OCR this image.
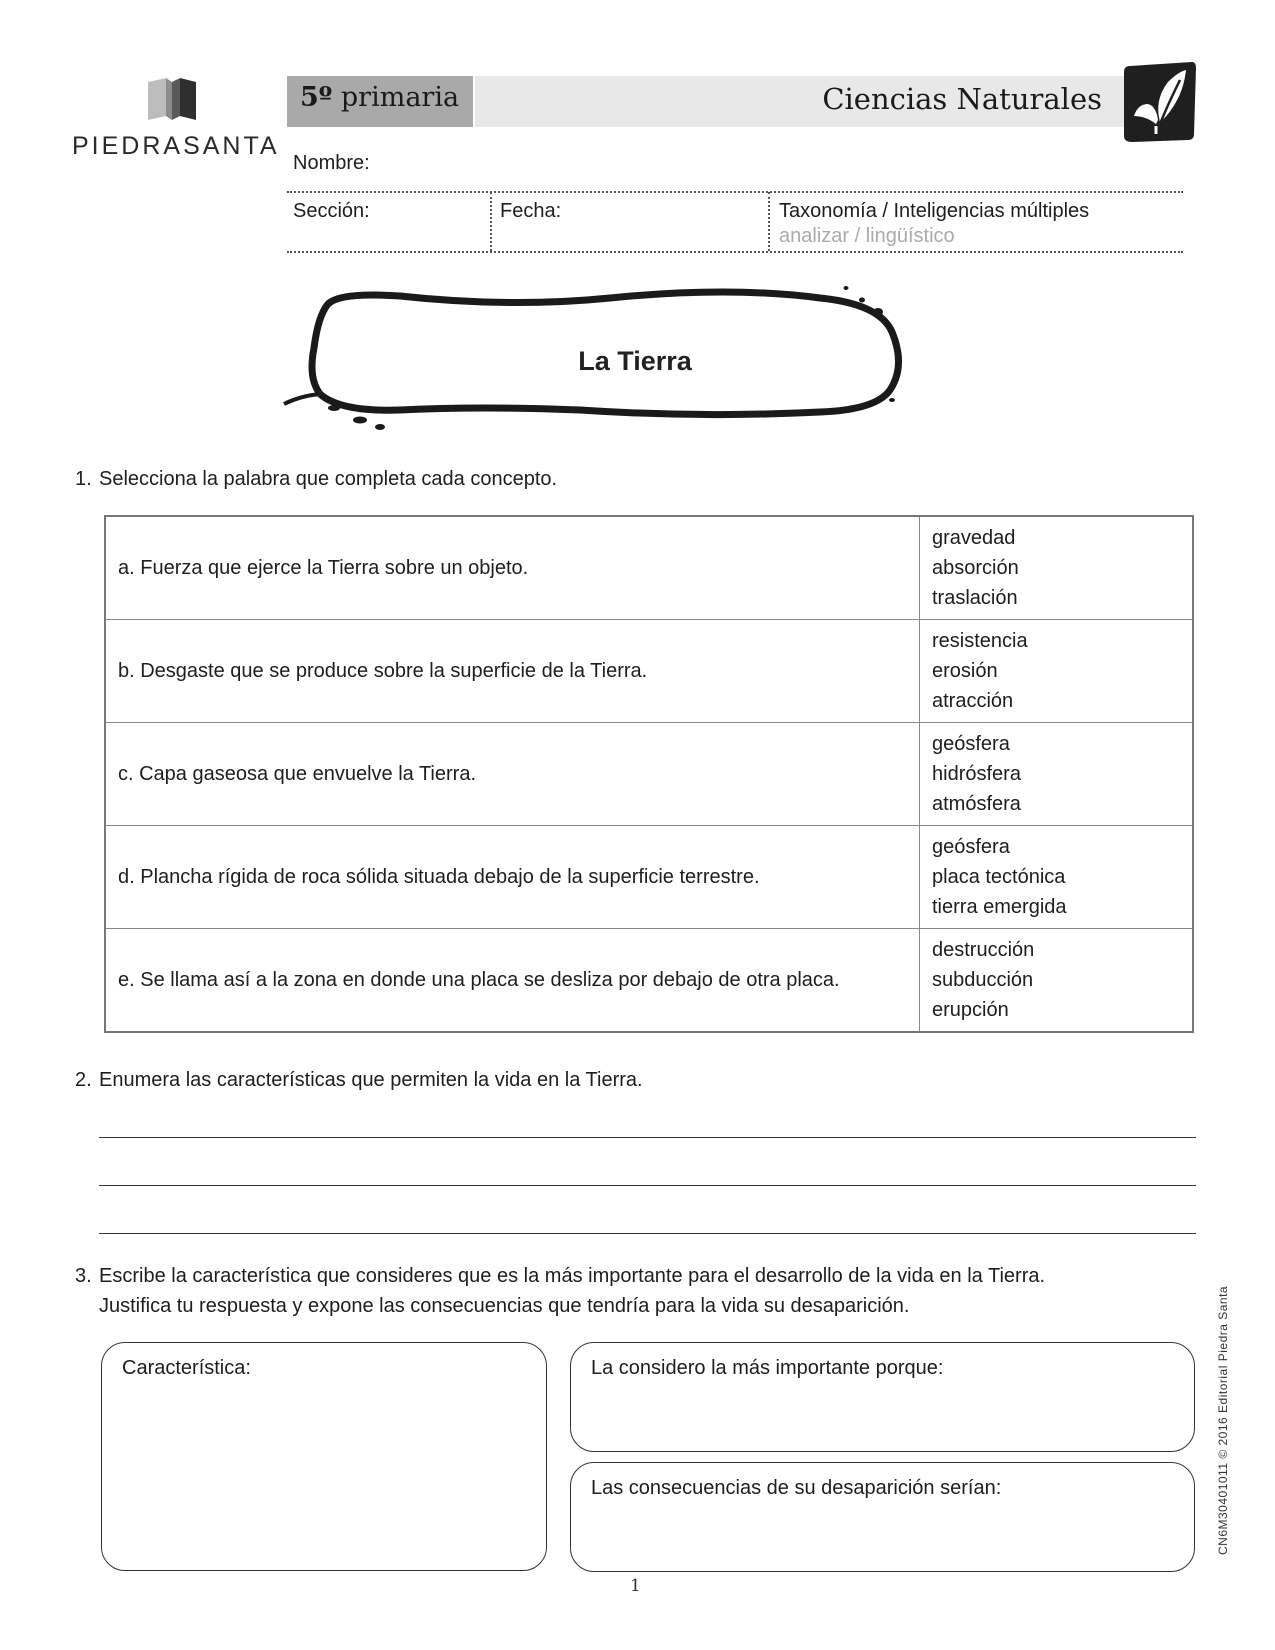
PIEDRASANTA
5º primaria	Ciencias Naturales
Nombre:
Sección:	Fecha:	Taxonomía / Inteligencias múltiples
analizar / lingüístico
La Tierra
1. Selecciona la palabra que completa cada concepto.
a. Fuerza que ejerce la Tierra sobre un objeto.	gravedad
absorción
traslación

b. Desgaste que se produce sobre la superficie de la Tierra.	resistencia
erosión
atracción

c. Capa gaseosa que envuelve la Tierra.	geósfera
hidrósfera
atmósfera

d. Plancha rígida de roca sólida situada debajo de la superficie terrestre.	geósfera
placa tectónica
tierra emergida

e. Se llama así a la zona en donde una placa se desliza por debajo de otra placa.	destrucción
subducción
erupción
2. Enumera las características que permiten la vida en la Tierra.
3. Escribe la característica que consideres que es la más importante para el desarrollo de la vida en la Tierra.
Justifica tu respuesta y expone las consecuencias que tendría para la vida su desaparición.
Característica:	La considero la más importante porque:
Las consecuencias de su desaparición serían:	CN6M3040101​1 © 2016 Editorial Piedra Santa
1
